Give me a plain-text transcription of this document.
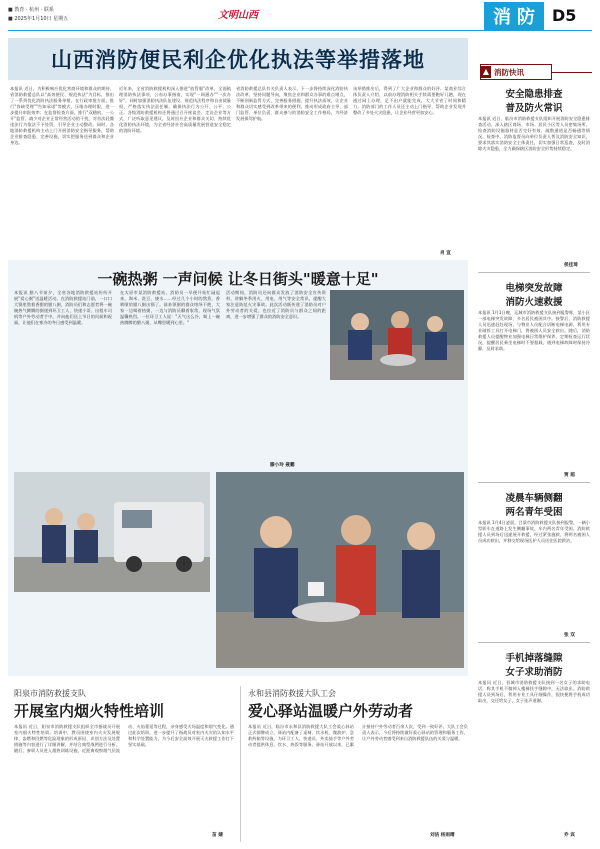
■ 教育 · 杭州 · 联系
■ 2025年1月10日 星期五	文明山西	消 防 D5
山西消防便民利企优化执法等举措落地
本报讯 近日，为积极响应优化营商环境和群众的期待，省消防救援总队以"高效便民、规范执法"为目标，推出了一系列优化消防执法服务举措。在行政审批方面，推行"容缺受理""告知承诺"等模式，压缩办理时限，进一步提升审批效率；在监督检查方面，推行"双随机、一公开"监管，减少对企业正常经营活动的干扰，对首次轻微违法行为依法不予处罚，引导企业主动整改。同时，各地消防救援机构主动上门开展消防安全指导服务，帮助企业排查隐患、完善设施，切实把服务送到群众和企业身边。
近年来，全省消防救援机构深入推进"放管服"改革，全面梳理消防执法事项，公布办事指南，实现"一网通办""一次办好"。同时加强消防执法队伍建设，规范执法程序和自由裁量权，严格落实执法责任制，确保执法行为公开、公平、公正。各级消防救援机构还将通过召开座谈会、走访企业等方式，广泛听取意见建议，及时回应企业和群众关切，持续优化消防执法环境，为全省经济社会高质量发展营造安全稳定的消防环境。
省消防救援总队有关负责人表示，下一步将持续深化消防执法改革，坚持问题导向，聚焦企业和群众办事的难点堵点，不断创新监管方式，完善服务措施，提升执法质效，让企业和群众切实感受到改革带来的便利，推动形成政府主导、部门监管、单位负责、群众参与的消防安全工作格局，为经济发展保驾护航。
该举措推出后，得到了广大企业和群众的好评。某商业综合体负责人介绍，以前办理消防相关手续需要跑好几趟，现在通过网上办理，足不出户就能完成，大大节省了时间和精力。消防部门的工作人员还主动上门指导，帮助企业发现并整改了多处火灾隐患，让企业经营更加安心。
肖 宣
▲ 消防快讯
安全隐患排查
普及防火常识
本报讯 近日，临汾市消防救援支队组织开展消防安全隐患排查活动，深入辖区商场、市场、居民小区等人员密集场所，检查消防设施器材是否完好有效、疏散通道是否畅通等情况。检查中，消防监督员向单位负责人普及消防安全知识，要求其落实消防安全主体责任，切实加强日常巡查，及时消除火灾隐患，全力确保辖区消防安全形势持续稳定。
侯佳琦
电梯突发故障
消防火速救援
本报讯 1月1日晚，运城市消防救援支队接到报警称，某小区一部电梯突发故障，多名居民被困其中。接警后，消防救援人员迅速赶赴现场，与物业人员配合切断电梯电源，利用专业破拆工具打开电梯门，将被困人员安全救出。随后，消防救援人员提醒物业加强电梯日常维护保养，定期检查运行状况，提醒居民乘坐电梯时不要超载，遇到电梯故障时保持冷静，及时求助。
贾 超
凌晨车辆侧翻
两名青年受困
本报讯 1月4日凌晨，吕梁市消防救援支队接到报警，一辆小型轿车在道路上发生侧翻事故，车内两名青年受困。消防救援人员到场后迅速展开救援，经过紧张施救，将两名被困人员成功救出，并移交给现场医护人员送往医院救治。
张 双
手机掉落缝隙
女子求助消防
本报讯 近日，晋城市消防救援支队接到一名女子的求助电话，称其手机不慎掉入楼梯扶手缝隙中，无法取出。消防救援人员到场后，利用专业工具仔细操作，很快便将手机成功取出，交还给女子，女子连声道谢。
乔 宾
一碗热粥 一声问候 让冬日街头"暖意十足"
本报讯 腊八节前夕，全省各地消防救援站纷纷开展"爱心粥"送温暖活动。在消防救援站门前，一口口大锅里熬着香甜的腊八粥，消防员们和志愿者将一碗碗热气腾腾的粥递到环卫工人、快递小哥、出租车司机等户外劳动者手中，并向他们送上节日的问候和祝福，让他们在寒冷的冬日感受到温暖。
在太原市某消防救援站，消防员一早便开始忙碌起来，淘米、洗豆、烧水……经过几个小时的熬煮，香喷喷的腊八粥出锅了。前来领粥的群众络绎不绝，大家一边喝着热粥，一边与消防员聊着家常，现场气氛温馨热烈。一位环卫工人说："天气这么冷，喝上一碗热腾腾的腊八粥，从嘴里暖到心里。"
活动期间，消防员还向群众发放了消防安全宣传资料，讲解冬季用火、用电、用气等安全常识，提醒大家注意防范火灾事故。此次活动既传递了消防员对户外劳动者的关爱，也拉近了消防员与群众之间的距离，进一步增强了群众的消防安全意识。
滕小玲 聂鹏
阳泉市消防救援支队
开展室内烟火特性培训
本报讯 近日，阳泉市消防救援支队组织全市指战员开展室内烟火特性培训。培训中，教员围绕室内火灾发展规律、轰燃和回燃等危险现象的形成原因、识别方法及处置措施等内容进行了详细讲解，并结合典型战例进行分析。随后，参训人员进入烟热训练设施，近距离观察烟气层流动、火焰蔓延等过程，亲身感受火场温度和烟气变化。通过此次培训，进一步提升了指战员对室内火灾的认知水平和科学处置能力，为今后安全高效开展灭火救援工作打下坚实基础。
苗 婧
永和县消防救援大队工会
爱心驿站温暖户外劳动者
本报讯 近日，临汾市永和县消防救援大队工会爱心驿站正式揭牌成立。驿站内配备了桌椅、饮水机、微波炉、急救药箱等设施，为环卫工人、快递员、外卖骑手等户外劳动者提供休息、饮水、热饭等服务。驿站开放以来，已累计接待户外劳动者百余人次，受到一致好评。大队工会负责人表示，今后将持续做好爱心驿站的管理和服务工作，让户外劳动者感受到来自消防救援队伍的关爱与温暖。
刘洁 杨雨晴
